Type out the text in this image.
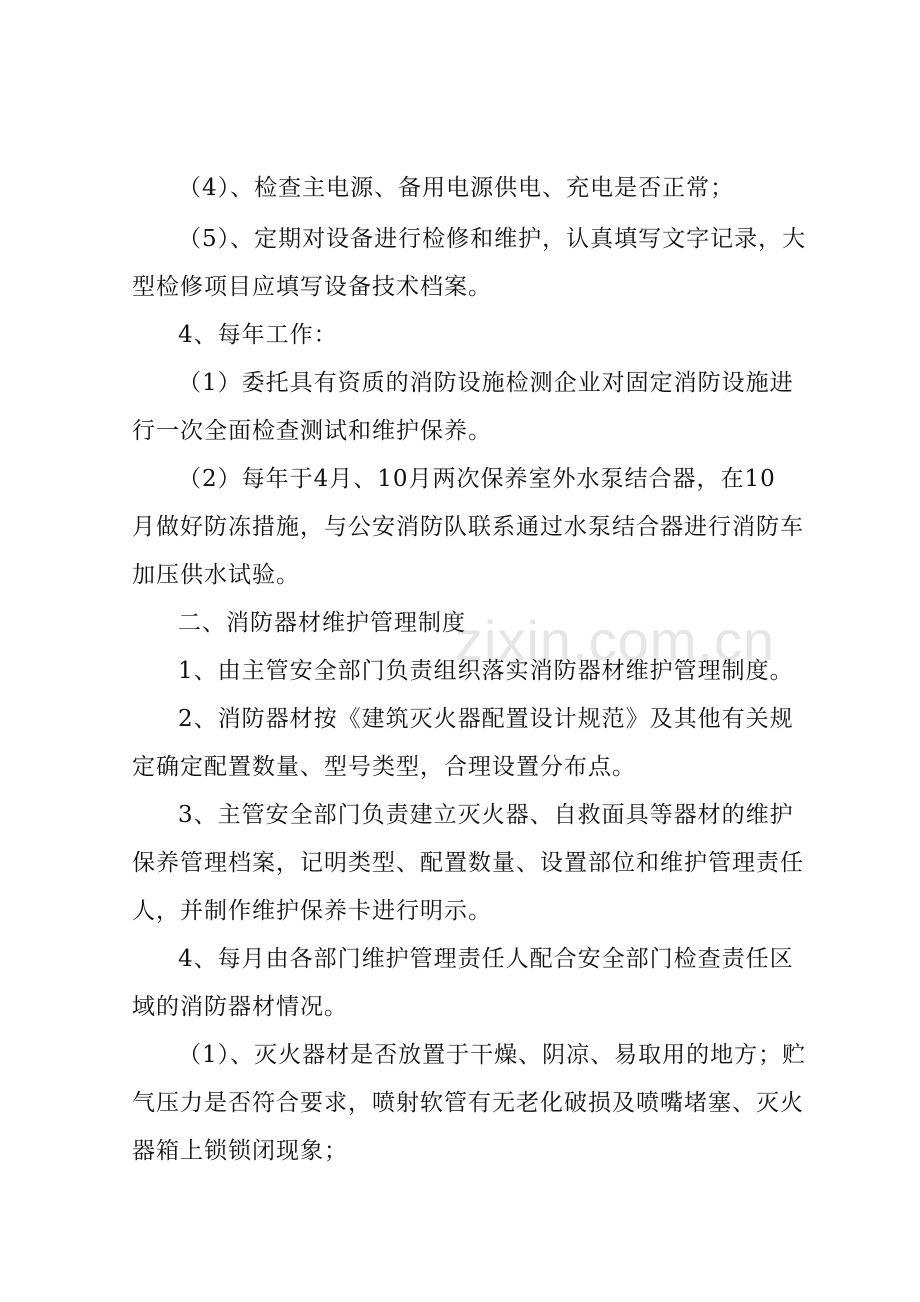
zixin.com.cn
（4）、检查主电源、备用电源供电、充电是否正常；
（5）、定期对设备进行检修和维护，认真填写文字记录，大
型检修项目应填写设备技术档案。
4、每年工作：
（1）委托具有资质的消防设施检测企业对固定消防设施进
行一次全面检查测试和维护保养。
（2）每年于4月、10月两次保养室外水泵结合器，在10
月做好防冻措施，与公安消防队联系通过水泵结合器进行消防车
加压供水试验。
二、消防器材维护管理制度
1、由主管安全部门负责组织落实消防器材维护管理制度。
2、消防器材按《建筑灭火器配置设计规范》及其他有关规
定确定配置数量、型号类型，合理设置分布点。
3、主管安全部门负责建立灭火器、自救面具等器材的维护
保养管理档案，记明类型、配置数量、设置部位和维护管理责任
人，并制作维护保养卡进行明示。
4、每月由各部门维护管理责任人配合安全部门检查责任区
域的消防器材情况。
（1）、灭火器材是否放置于干燥、阴凉、易取用的地方；贮
气压力是否符合要求，喷射软管有无老化破损及喷嘴堵塞、灭火
器箱上锁锁闭现象；
